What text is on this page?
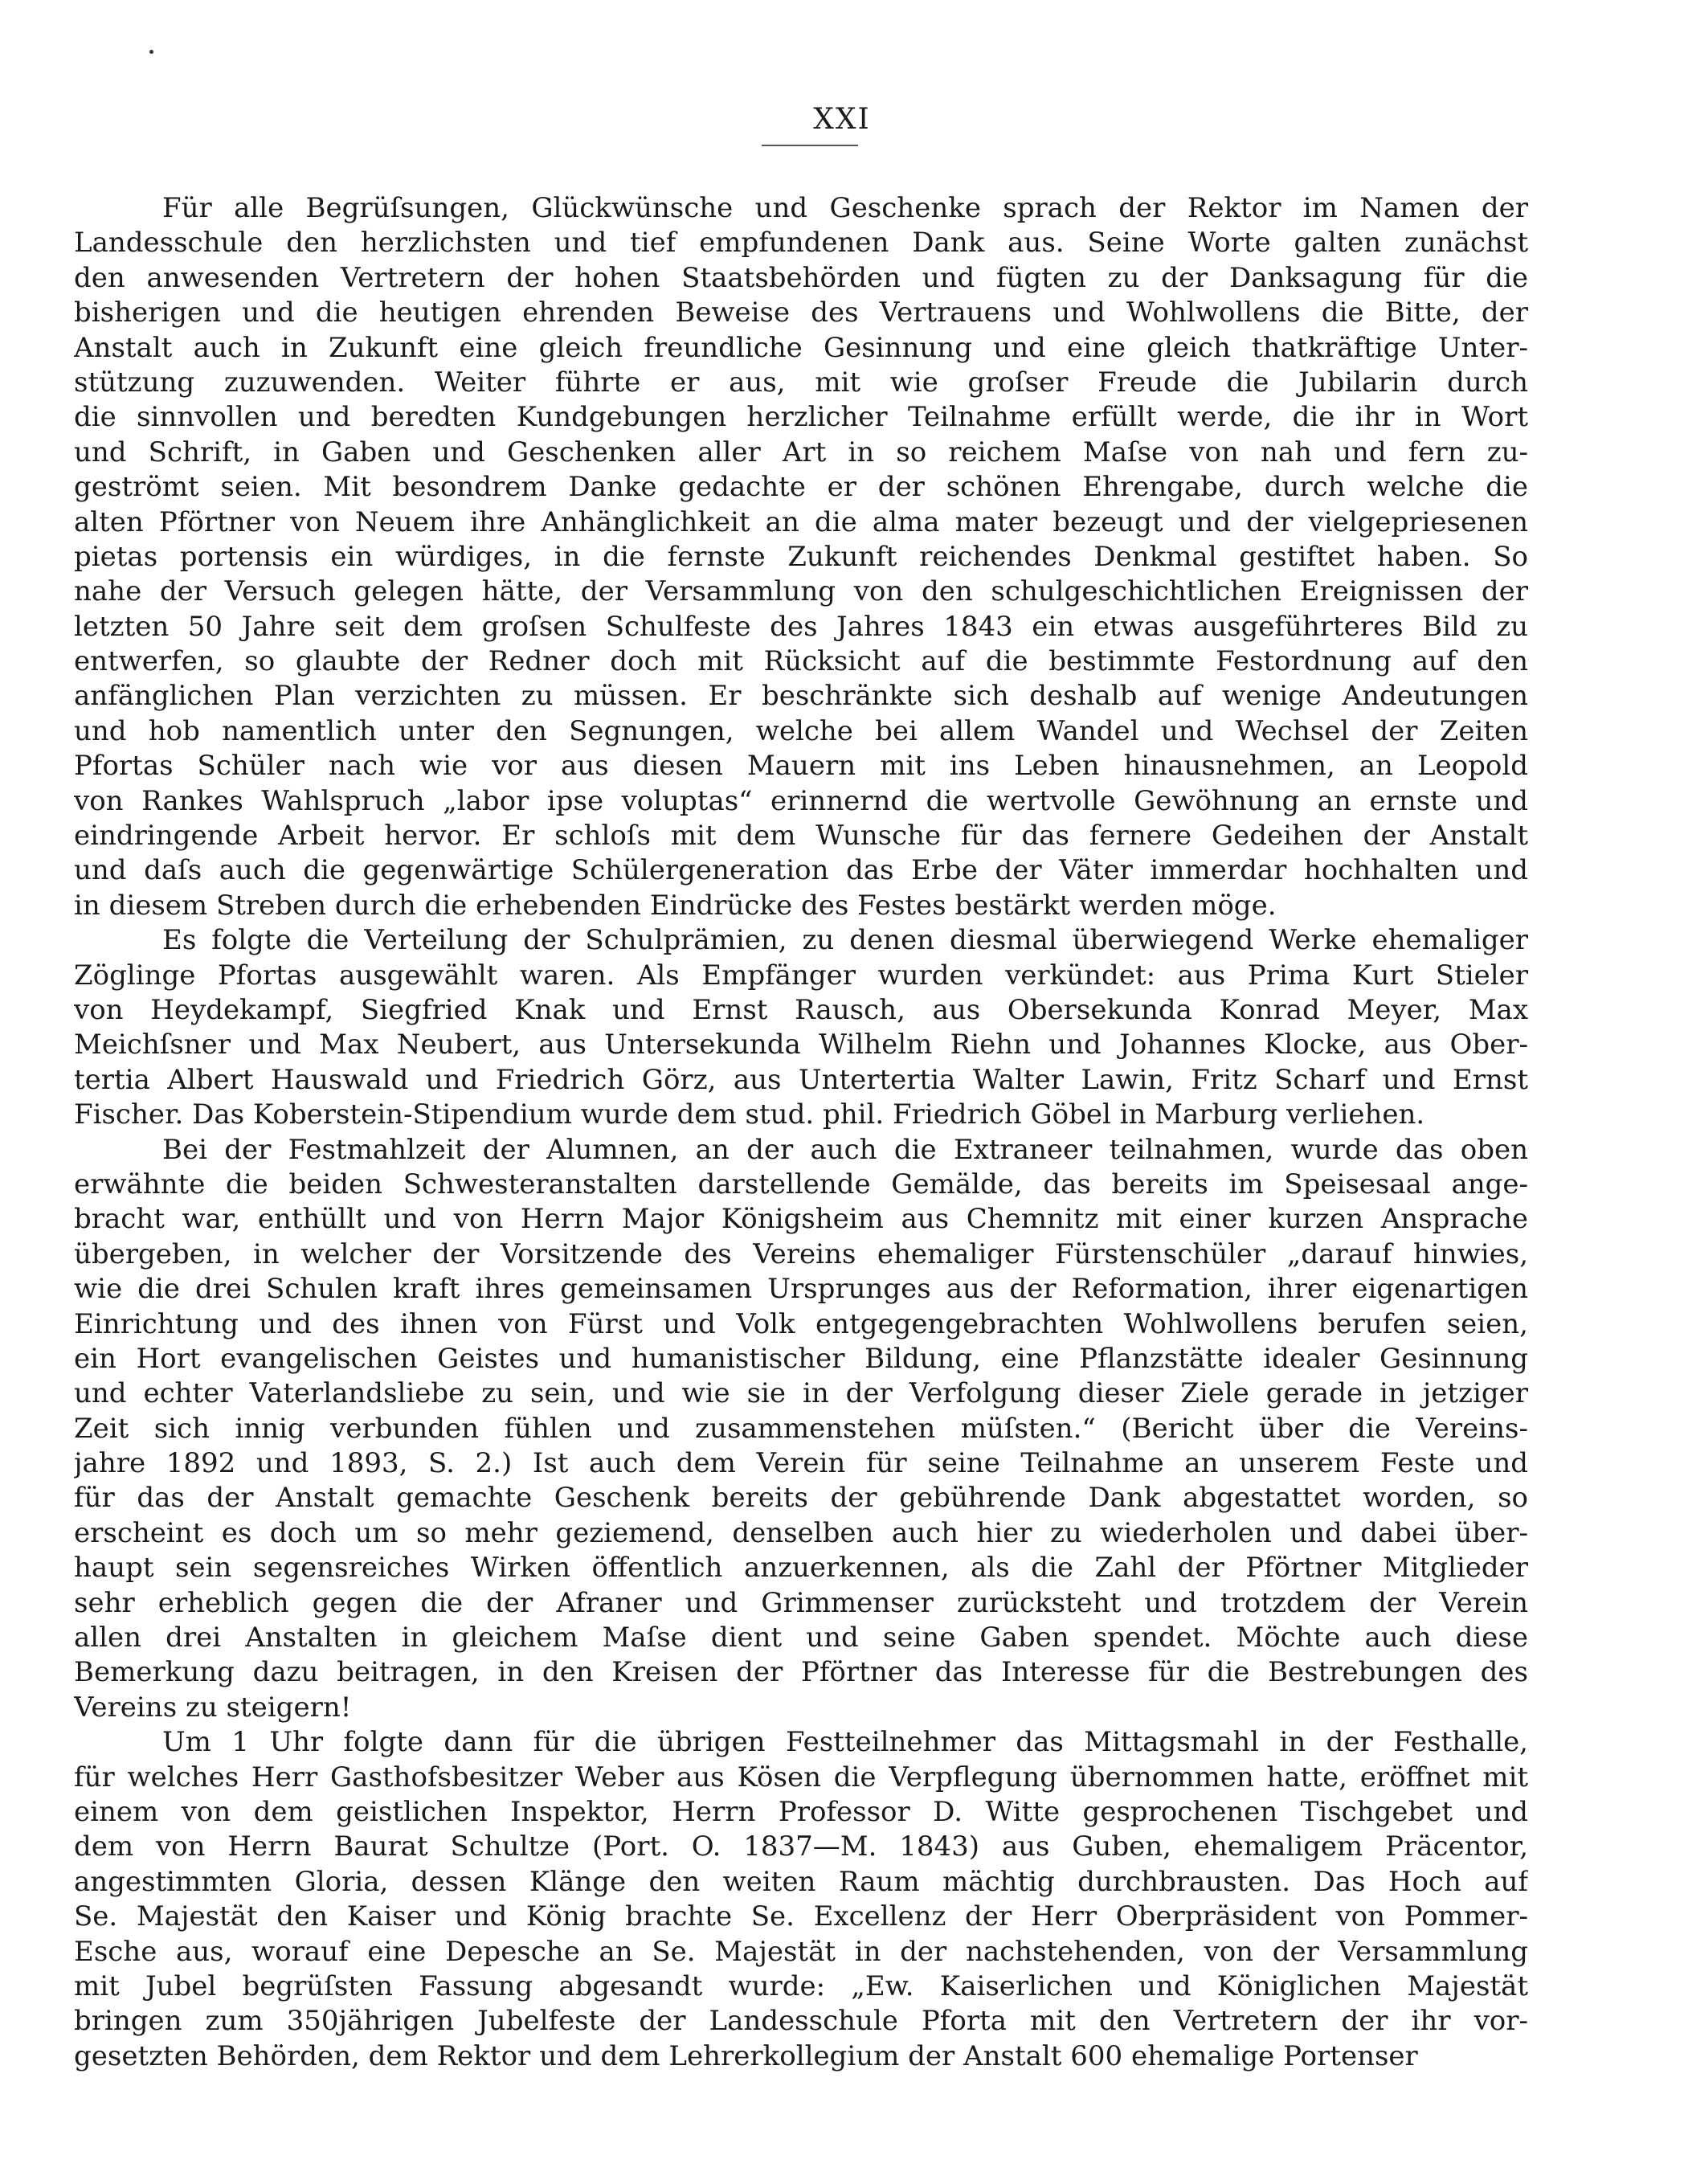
XXI
Für alle Begrüſsungen, Glückwünsche und Geschenke sprach der Rektor im Namen der
Landesschule den herzlichsten und tief empfundenen Dank aus. Seine Worte galten zunächst
den anwesenden Vertretern der hohen Staatsbehörden und fügten zu der Danksagung für die
bisherigen und die heutigen ehrenden Beweise des Vertrauens und Wohlwollens die Bitte, der
Anstalt auch in Zukunft eine gleich freundliche Gesinnung und eine gleich thatkräftige Unter-
stützung zuzuwenden. Weiter führte er aus, mit wie groſser Freude die Jubilarin durch
die sinnvollen und beredten Kundgebungen herzlicher Teilnahme erfüllt werde, die ihr in Wort
und Schrift, in Gaben und Geschenken aller Art in so reichem Maſse von nah und fern zu-
geströmt seien. Mit besondrem Danke gedachte er der schönen Ehrengabe, durch welche die
alten Pförtner von Neuem ihre Anhänglichkeit an die alma mater bezeugt und der vielgepriesenen
pietas portensis ein würdiges, in die fernste Zukunft reichendes Denkmal gestiftet haben. So
nahe der Versuch gelegen hätte, der Versammlung von den schulgeschichtlichen Ereignissen der
letzten 50 Jahre seit dem groſsen Schulfeste des Jahres 1843 ein etwas ausgeführteres Bild zu
entwerfen, so glaubte der Redner doch mit Rücksicht auf die bestimmte Festordnung auf den
anfänglichen Plan verzichten zu müssen. Er beschränkte sich deshalb auf wenige Andeutungen
und hob namentlich unter den Segnungen, welche bei allem Wandel und Wechsel der Zeiten
Pfortas Schüler nach wie vor aus diesen Mauern mit ins Leben hinausnehmen, an Leopold
von Rankes Wahlspruch „labor ipse voluptas“ erinnernd die wertvolle Gewöhnung an ernste und
eindringende Arbeit hervor. Er schloſs mit dem Wunsche für das fernere Gedeihen der Anstalt
und daſs auch die gegenwärtige Schülergeneration das Erbe der Väter immerdar hochhalten und
in diesem Streben durch die erhebenden Eindrücke des Festes bestärkt werden möge.
Es folgte die Verteilung der Schulprämien, zu denen diesmal überwiegend Werke ehemaliger
Zöglinge Pfortas ausgewählt waren. Als Empfänger wurden verkündet: aus Prima Kurt Stieler
von Heydekampf, Siegfried Knak und Ernst Rausch, aus Obersekunda Konrad Meyer, Max
Meichſsner und Max Neubert, aus Untersekunda Wilhelm Riehn und Johannes Klocke, aus Ober-
tertia Albert Hauswald und Friedrich Görz, aus Untertertia Walter Lawin, Fritz Scharf und Ernst
Fischer. Das Koberstein-Stipendium wurde dem stud. phil. Friedrich Göbel in Marburg verliehen.
Bei der Festmahlzeit der Alumnen, an der auch die Extraneer teilnahmen, wurde das oben
erwähnte die beiden Schwesteranstalten darstellende Gemälde, das bereits im Speisesaal ange-
bracht war, enthüllt und von Herrn Major Königsheim aus Chemnitz mit einer kurzen Ansprache
übergeben, in welcher der Vorsitzende des Vereins ehemaliger Fürstenschüler „darauf hinwies,
wie die drei Schulen kraft ihres gemeinsamen Ursprunges aus der Reformation, ihrer eigenartigen
Einrichtung und des ihnen von Fürst und Volk entgegengebrachten Wohlwollens berufen seien,
ein Hort evangelischen Geistes und humanistischer Bildung, eine Pflanzstätte idealer Gesinnung
und echter Vaterlandsliebe zu sein, und wie sie in der Verfolgung dieser Ziele gerade in jetziger
Zeit sich innig verbunden fühlen und zusammenstehen müſsten.“ (Bericht über die Vereins-
jahre 1892 und 1893, S. 2.) Ist auch dem Verein für seine Teilnahme an unserem Feste und
für das der Anstalt gemachte Geschenk bereits der gebührende Dank abgestattet worden, so
erscheint es doch um so mehr geziemend, denselben auch hier zu wiederholen und dabei über-
haupt sein segensreiches Wirken öffentlich anzuerkennen, als die Zahl der Pförtner Mitglieder
sehr erheblich gegen die der Afraner und Grimmenser zurücksteht und trotzdem der Verein
allen drei Anstalten in gleichem Maſse dient und seine Gaben spendet. Möchte auch diese
Bemerkung dazu beitragen, in den Kreisen der Pförtner das Interesse für die Bestrebungen des
Vereins zu steigern!
Um 1 Uhr folgte dann für die übrigen Festteilnehmer das Mittagsmahl in der Festhalle,
für welches Herr Gasthofsbesitzer Weber aus Kösen die Verpflegung übernommen hatte, eröffnet mit
einem von dem geistlichen Inspektor, Herrn Professor D. Witte gesprochenen Tischgebet und
dem von Herrn Baurat Schultze (Port. O. 1837—M. 1843) aus Guben, ehemaligem Präcentor,
angestimmten Gloria, dessen Klänge den weiten Raum mächtig durchbrausten. Das Hoch auf
Se. Majestät den Kaiser und König brachte Se. Excellenz der Herr Oberpräsident von Pommer-
Esche aus, worauf eine Depesche an Se. Majestät in der nachstehenden, von der Versammlung
mit Jubel begrüſsten Fassung abgesandt wurde: „Ew. Kaiserlichen und Königlichen Majestät
bringen zum 350jährigen Jubelfeste der Landesschule Pforta mit den Vertretern der ihr vor-
gesetzten Behörden, dem Rektor und dem Lehrerkollegium der Anstalt 600 ehemalige Portenser
